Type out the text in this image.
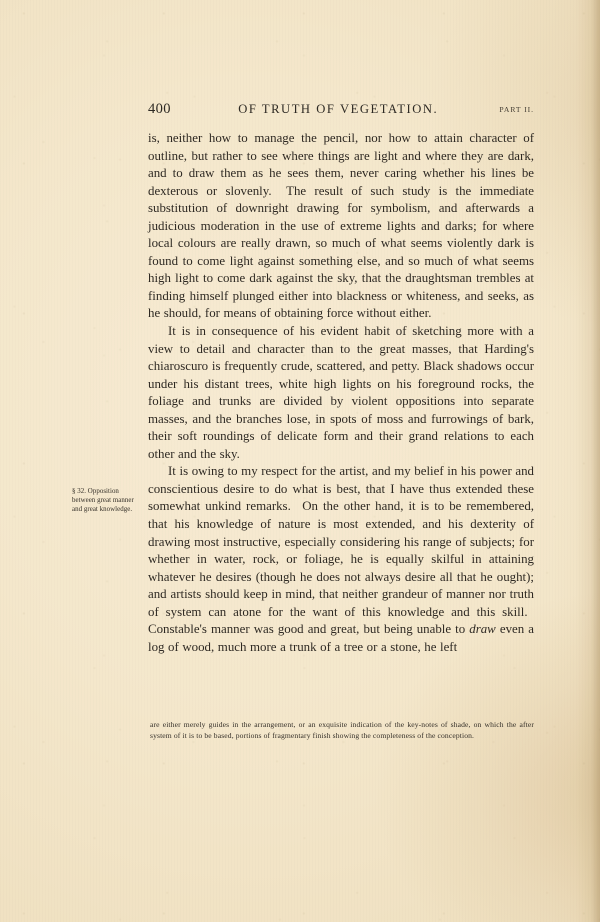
400	OF TRUTH OF VEGETATION.	PART II.

is, neither how to manage the pencil, nor how to attain character of outline, but rather to see where things are light and where they are dark, and to draw them as he sees them, never caring whether his lines be dexterous or slovenly.  The result of such study is the immediate substitution of downright drawing for symbolism, and afterwards a judicious moderation in the use of extreme lights and darks; for where local colours are really drawn, so much of what seems violently dark is found to come light against something else, and so much of what seems high light to come dark against the sky, that the draughtsman trembles at finding himself plunged either into blackness or whiteness, and seeks, as he should, for means of obtaining force without either.

It is in consequence of his evident habit of sketching more with a view to detail and character than to the great masses, that Harding's chiaroscuro is frequently crude, scattered, and petty. Black shadows occur under his distant trees, white high lights on his foreground rocks, the foliage and trunks are divided by violent oppositions into separate masses, and the branches lose, in spots of moss and furrowings of bark, their soft roundings of delicate form and their grand relations to each other and the sky.

It is owing to my respect for the artist, and my belief in his power and conscientious desire to do what is best, that I have thus extended these somewhat unkind remarks.  On the other hand, it is to be remembered, that his knowledge of nature is most extended, and his dexterity of drawing most instructive, especially considering his range of subjects; for whether in water, rock, or foliage, he is equally skilful in attaining whatever he desires (though he does not always desire all that he ought); and artists should keep in mind, that neither grandeur of manner nor truth of system can atone for the want of this knowledge and this skill.  Constable's manner was good and great, but being unable to draw even a log of wood, much more a trunk of a tree or a stone, he left

§ 32. Opposition between great manner and great knowledge.
are either merely guides in the arrangement, or an exquisite indication of the key-notes of shade, on which the after system of it is to be based, portions of fragmentary finish showing the completeness of the conception.
